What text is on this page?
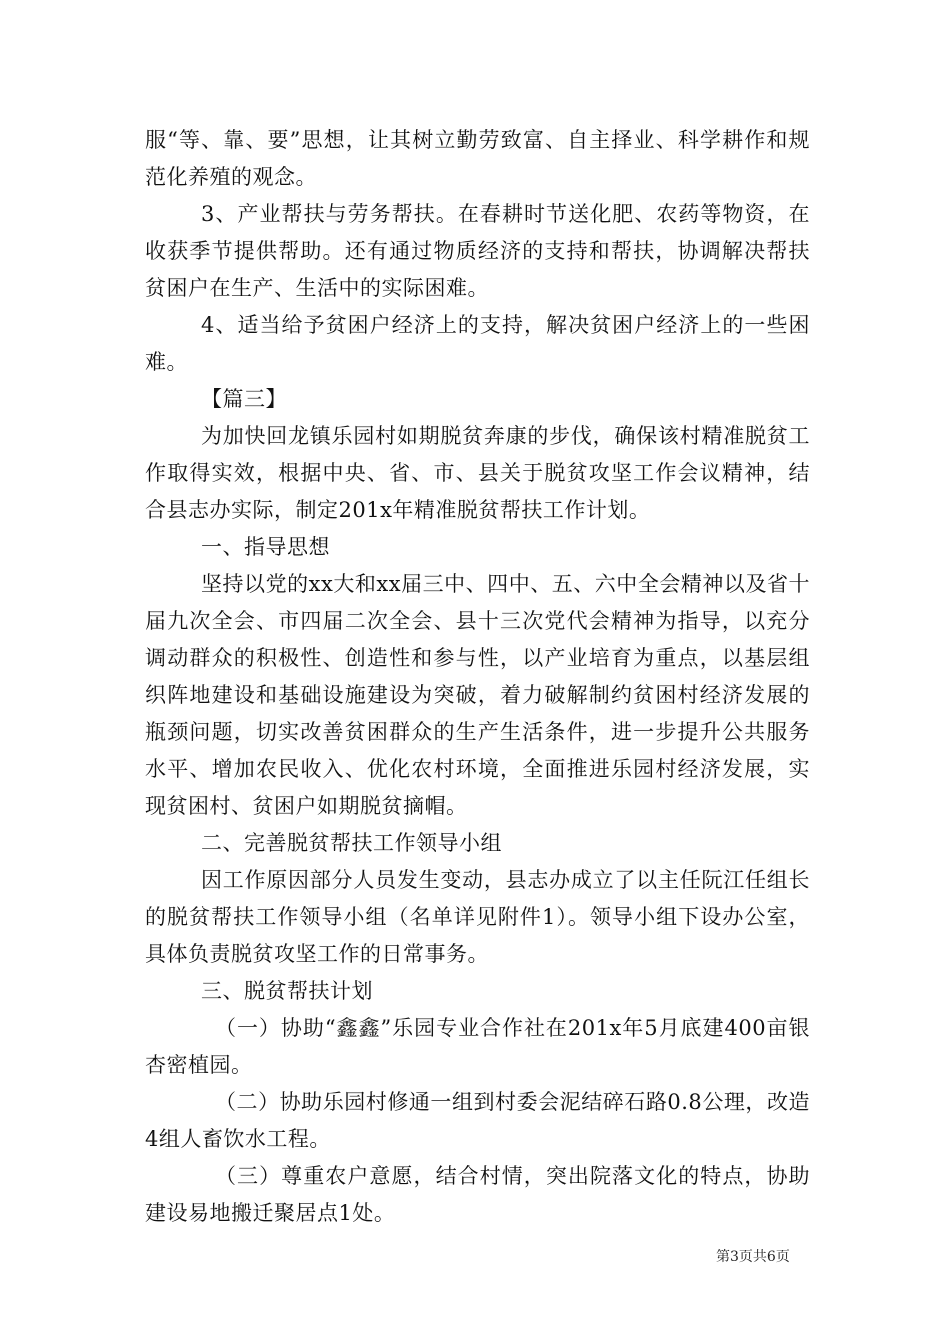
服“等、靠、要”思想，让其树立勤劳致富、自主择业、科学耕作和规范化养殖的观念。

3、产业帮扶与劳务帮扶。在春耕时节送化肥、农药等物资，在收获季节提供帮助。还有通过物质经济的支持和帮扶，协调解决帮扶贫困户在生产、生活中的实际困难。

4、适当给予贫困户经济上的支持，解决贫困户经济上的一些困难。

【篇三】

为加快回龙镇乐园村如期脱贫奔康的步伐，确保该村精准脱贫工作取得实效，根据中央、省、市、县关于脱贫攻坚工作会议精神，结合县志办实际，制定201x年精准脱贫帮扶工作计划。

一、指导思想

坚持以党的xx大和xx届三中、四中、五、六中全会精神以及省十届九次全会、市四届二次全会、县十三次党代会精神为指导，以充分调动群众的积极性、创造性和参与性，以产业培育为重点，以基层组织阵地建设和基础设施建设为突破，着力破解制约贫困村经济发展的瓶颈问题，切实改善贫困群众的生产生活条件，进一步提升公共服务水平、增加农民收入、优化农村环境，全面推进乐园村经济发展，实现贫困村、贫困户如期脱贫摘帽。

二、完善脱贫帮扶工作领导小组

因工作原因部分人员发生变动，县志办成立了以主任阮江任组长的脱贫帮扶工作领导小组（名单详见附件1）。领导小组下设办公室，具体负责脱贫攻坚工作的日常事务。

三、脱贫帮扶计划

（一）协助“鑫鑫”乐园专业合作社在201x年5月底建400亩银杏密植园。

（二）协助乐园村修通一组到村委会泥结碎石路0.8公理，改造4组人畜饮水工程。

（三）尊重农户意愿，结合村情，突出院落文化的特点，协助建设易地搬迁聚居点1处。

第3页共6页
